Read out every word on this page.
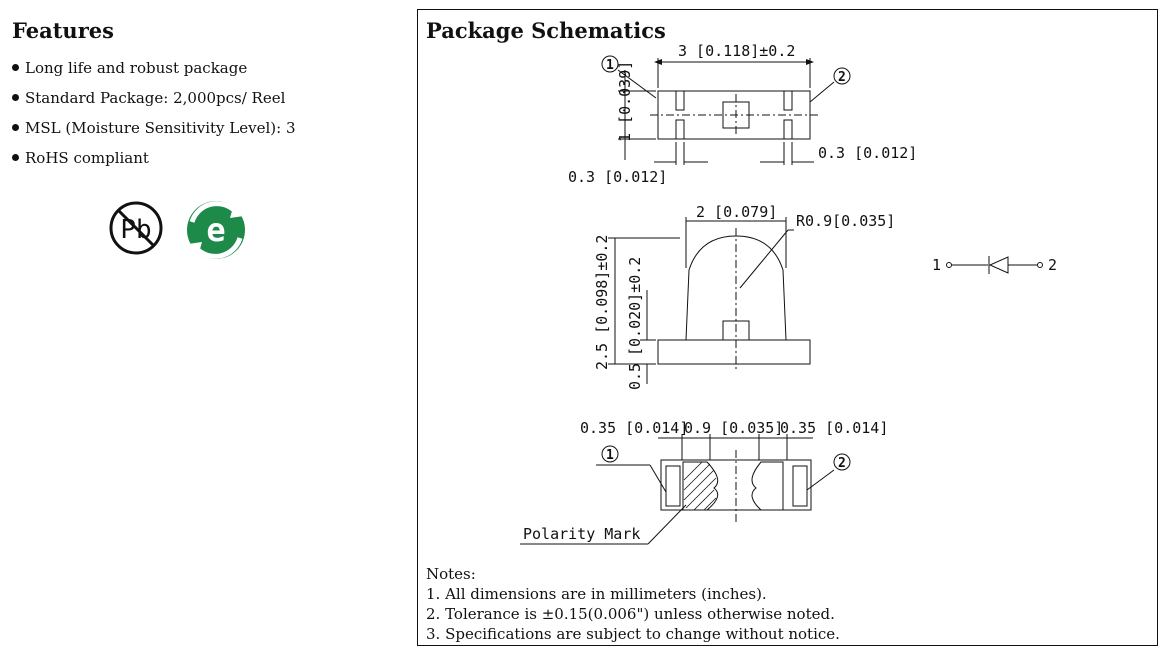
Features
Long life and robust package
Standard Package: 2,000pcs/ Reel
MSL (Moisture Sensitivity Level): 3
RoHS compliant
Pb e
Package Schematics
3 [0.118]±0.2
1 [0.039]
0.3 [0.012]
0.3 [0.012]
1
2
2 [0.079] R0.9[0.035]
2.5 [0.098]±0.2 [0.020]±0.2
0.5
0.35 [0.014]
0.9 [0.035]
0.35 [0.014]
1
2
Polarity Mark
1	2
Notes:
1. All dimensions are in millimeters (inches).
2. Tolerance is ±0.15(0.006") unless otherwise noted.
3. Specifications are subject to change without notice.
